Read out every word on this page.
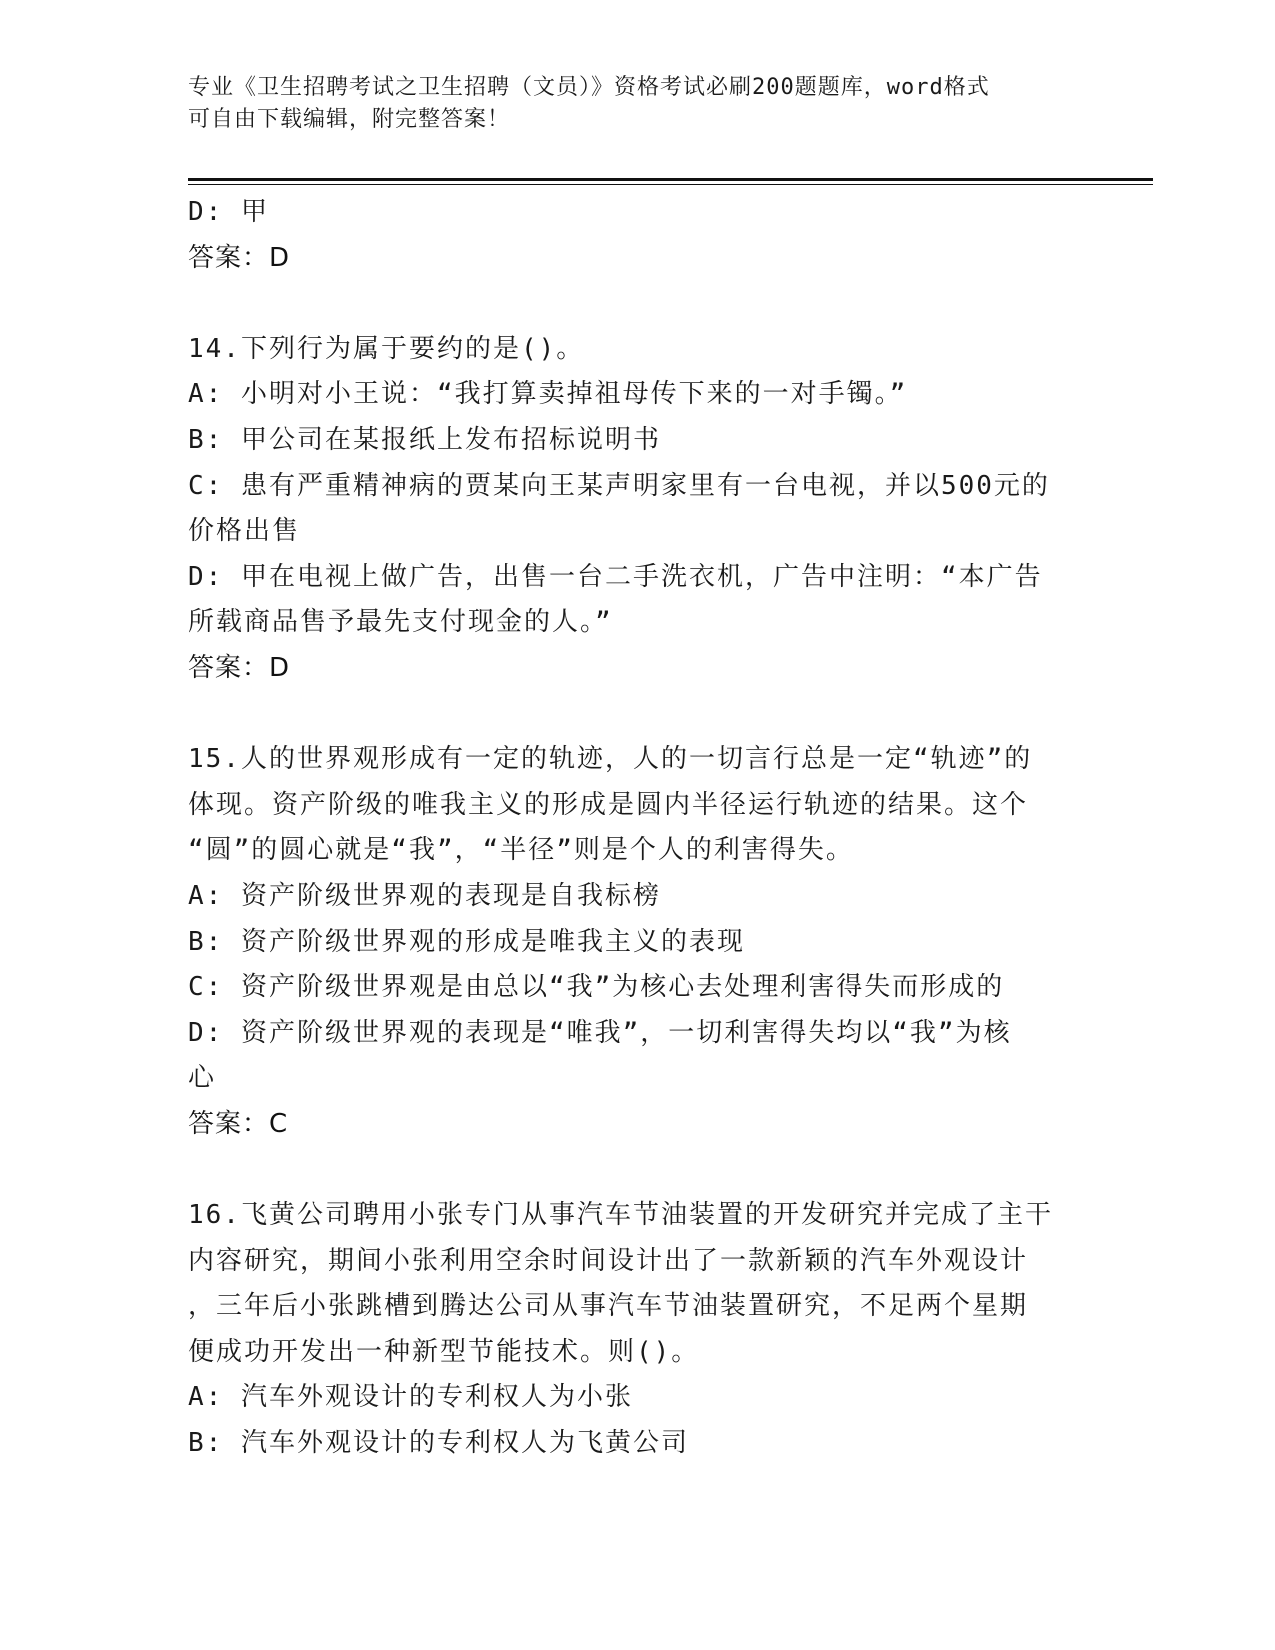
专业《卫生招聘考试之卫生招聘（文员）》资格考试必刷200题题库，word格式
可自由下载编辑，附完整答案！
D: 甲
答案：D
14.下列行为属于要约的是()。
A: 小明对小王说：“我打算卖掉祖母传下来的一对手镯。”
B: 甲公司在某报纸上发布招标说明书
C: 患有严重精神病的贾某向王某声明家里有一台电视，并以500元的
价格出售
D: 甲在电视上做广告，出售一台二手洗衣机，广告中注明：“本广告
所载商品售予最先支付现金的人。”
答案：D
15.人的世界观形成有一定的轨迹，人的一切言行总是一定“轨迹”的
体现。资产阶级的唯我主义的形成是圆内半径运行轨迹的结果。这个
“圆”的圆心就是“我”，“半径”则是个人的利害得失。
A: 资产阶级世界观的表现是自我标榜
B: 资产阶级世界观的形成是唯我主义的表现
C: 资产阶级世界观是由总以“我”为核心去处理利害得失而形成的
D: 资产阶级世界观的表现是“唯我”，一切利害得失均以“我”为核
心
答案：C
16.飞黄公司聘用小张专门从事汽车节油装置的开发研究并完成了主干
内容研究，期间小张利用空余时间设计出了一款新颖的汽车外观设计
，三年后小张跳槽到腾达公司从事汽车节油装置研究，不足两个星期
便成功开发出一种新型节能技术。则()。
A: 汽车外观设计的专利权人为小张
B: 汽车外观设计的专利权人为飞黄公司
